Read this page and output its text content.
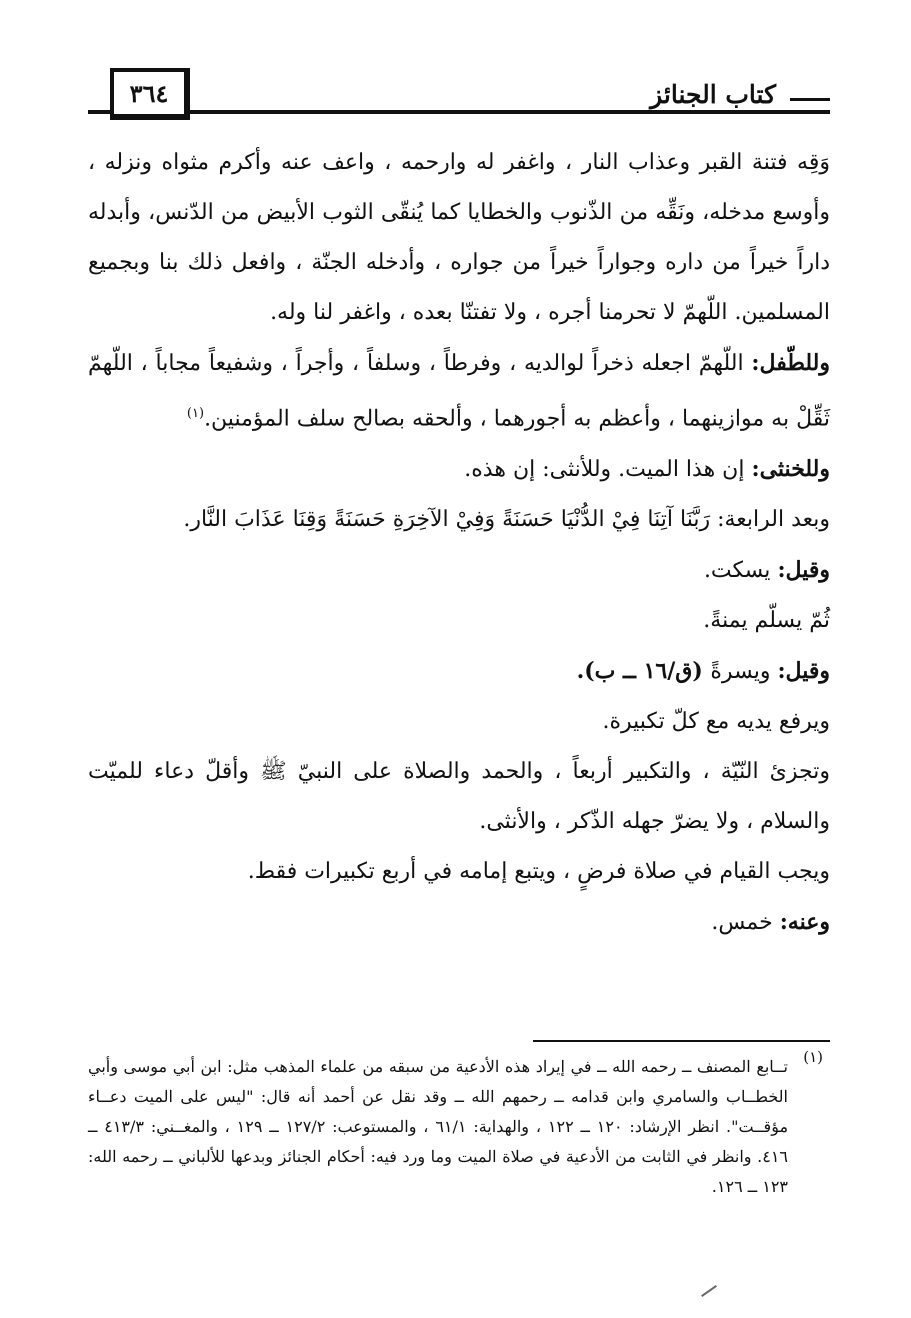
٣٦٤	كتاب الجنائز

وَقِه فتنة القبر وعذاب النار ، واغفر له وارحمه ، واعف عنه وأكرم مثواه ونزله ، وأوسع مدخله، ونَقِّه من الذّنوب والخطايا كما يُنقّى الثوب الأبيض من الدّنس، وأبدله داراً خيراً من داره وجواراً خيراً من جواره ، وأدخله الجنّة ، وافعل ذلك بنا وبجميع المسلمين. اللّهمّ لا تحرمنا أجره ، ولا تفتنّا بعده ، واغفر لنا وله.

وللطّفل: اللّهمّ اجعله ذخراً لوالديه ، وفرطاً ، وسلفاً ، وأجراً ، وشفيعاً مجاباً ، اللّهمّ ثَقِّلْ به موازينهما ، وأعظم به أجورهما ، وألحقه بصالح سلف المؤمنين.$^{(١)}$

وللخنثى: إن هذا الميت. وللأنثى: إن هذه.

وبعد الرابعة: رَبَّنَا آتِنَا فِيْ الدُّنْيَا حَسَنَةً وَفِيْ الآخِرَةِ حَسَنَةً وَقِنَا عَذَابَ النَّار.

وقيل: يسكت.

ثُمّ يسلّم يمنةً.

وقيل: ويسرةً (ق/١٦ ــ ب).

ويرفع يديه مع كلّ تكبيرة.

وتجزئ النّيّة ، والتكبير أربعاً ، والحمد والصلاة على النبيّ ﷺ وأقلّ دعاء للميّت والسلام ، ولا يضرّ جهله الذّكر ، والأنثى.

ويجب القيام في صلاة فرضٍ ، ويتبع إمامه في أربع تكبيرات فقط.

وعنه: خمس.

(١)
تــابع المصنف ــ رحمه الله ــ في إيراد هذه الأدعية من سبقه من علماء المذهب مثل: ابن أبي موسى وأبي الخطــاب والسامري وابن قدامه ــ رحمهم الله ــ وقد نقل عن أحمد أنه قال: "ليس على الميت دعــاء مؤقــت". انظر الإرشاد: ١٢٠ ــ ١٢٢ ، والهداية: ٦١/١ ، والمستوعب: ١٢٧/٢ ــ ١٢٩ ، والمغــني: ٤١٣/٣ ــ ٤١٦. وانظر في الثابت من الأدعية في صلاة الميت وما ورد فيه: أحكام الجنائز وبدعها للألباني ــ رحمه الله: ١٢٣ ــ ١٢٦.
